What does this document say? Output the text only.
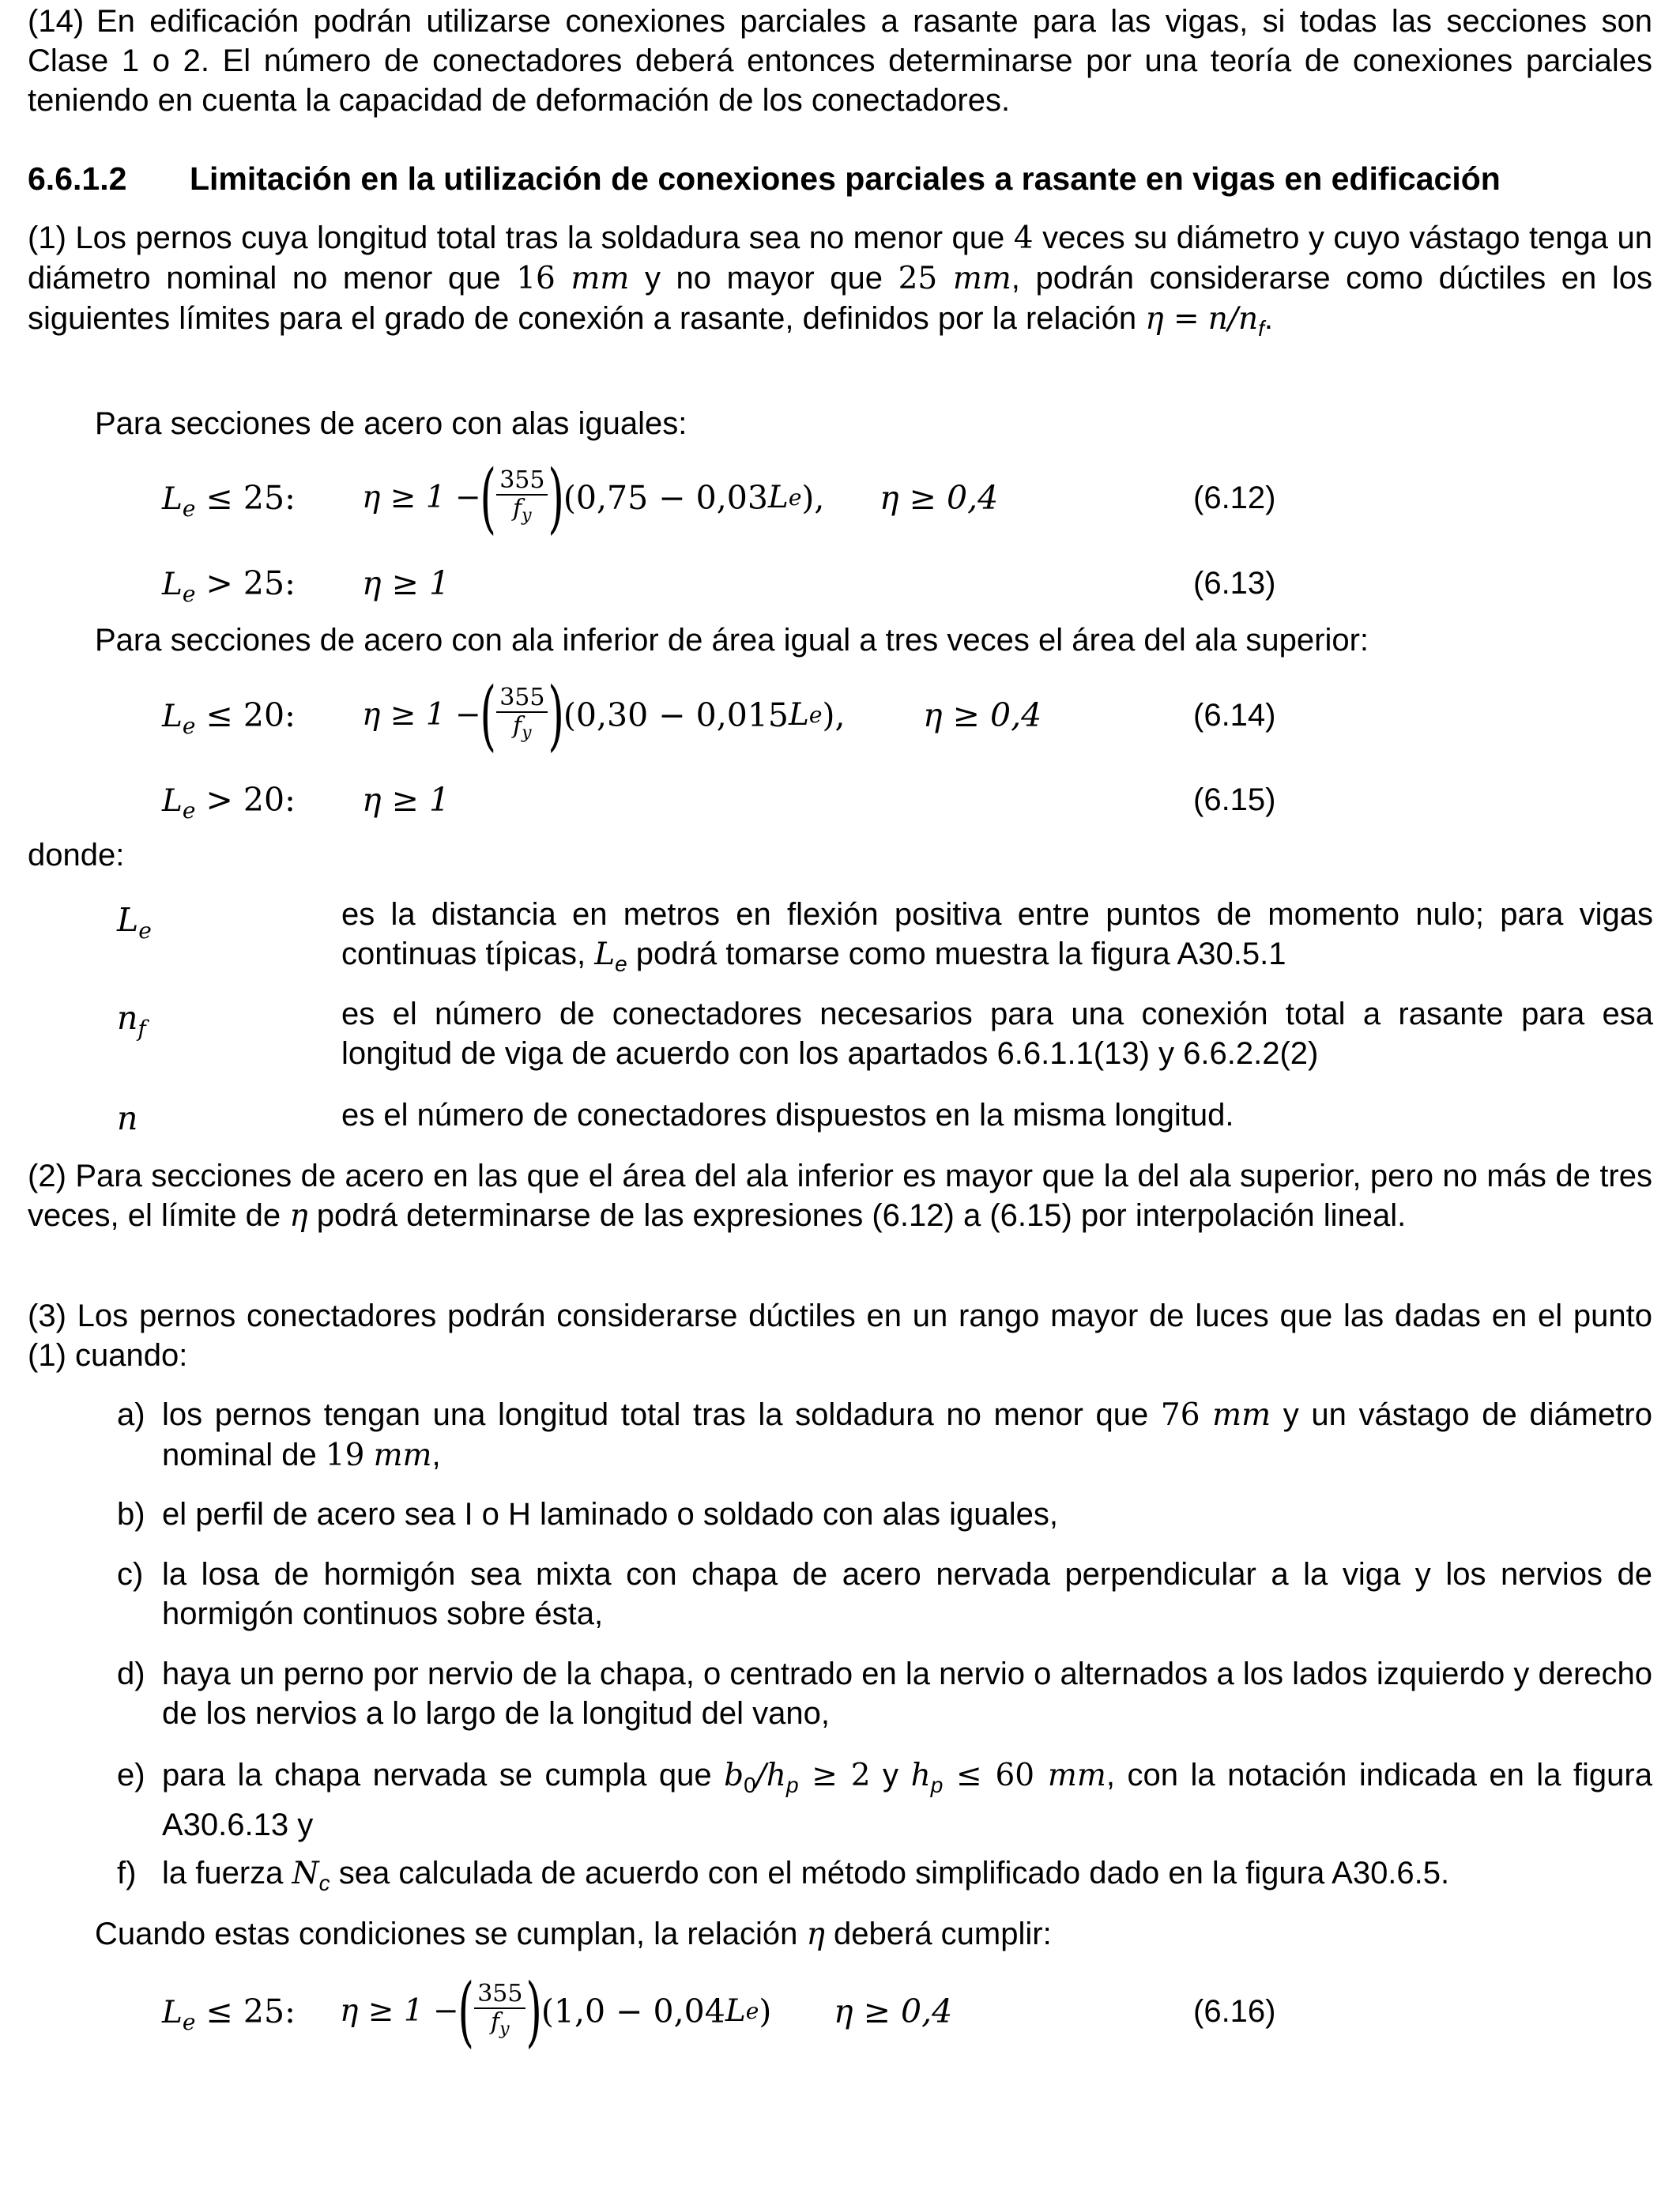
(14) En edificación podrán utilizarse conexiones parciales a rasante para las vigas, si todas las secciones son Clase 1 o 2. El número de conectadores deberá entonces determinarse por una teoría de conexiones parciales teniendo en cuenta la capacidad de deformación de los conectadores.

6.6.1.2 Limitación en la utilización de conexiones parciales a rasante en vigas en edificación

(1) Los pernos cuya longitud total tras la soldadura sea no menor que 4 veces su diámetro y cuyo vástago tenga un diámetro nominal no menor que 16 mm y no mayor que 25 mm, podrán considerarse como dúctiles en los siguientes límites para el grado de conexión a rasante, definidos por la relación $\eta = n/n_f$.

Para secciones de acero con alas iguales:

$L_e \le 25$: η ≥ 1 −
( $\frac{355}{f_y}$ )
(0,75 − 0,03 L e ), η ≥ 0,4	(6.12)
$L_e > 25$: η ≥ 1	(6.13)

Para secciones de acero con ala inferior de área igual a tres veces el área del ala superior:

$L_e \le 20$: η ≥ 1 −
( $\frac{355}{f_y}$ )
(0,30 − 0,015 L e ), η ≥ 0,4	(6.14)
$L_e > 20$: η ≥ 1	(6.15)

donde:

$L_e$	es la distancia en metros en flexión positiva entre puntos de momento nulo; para vigas continuas típicas, $L_e$ podrá tomarse como muestra la figura A30.5.1

$n_f$	es el número de conectadores necesarios para una conexión total a rasante para esa longitud de viga de acuerdo con los apartados 6.6.1.1(13) y 6.6.2.2(2)

n	es el número de conectadores dispuestos en la misma longitud.

(2) Para secciones de acero en las que el área del ala inferior es mayor que la del ala superior, pero no más de tres veces, el límite de η podrá determinarse de las expresiones (6.12) a (6.15) por interpolación lineal.

(3) Los pernos conectadores podrán considerarse dúctiles en un rango mayor de luces que las dadas en el punto (1) cuando:

a) los pernos tengan una longitud total tras la soldadura no menor que 76 mm y un vástago de diámetro nominal de 19 mm,

b) el perfil de acero sea I o H laminado o soldado con alas iguales,

c) la losa de hormigón sea mixta con chapa de acero nervada perpendicular a la viga y los nervios de hormigón continuos sobre ésta,

d) haya un perno por nervio de la chapa, o centrado en la nervio o alternados a los lados izquierdo y derecho de los nervios a lo largo de la longitud del vano,

e) para la chapa nervada se cumpla que $b_0/h_p \ge 2$ y $h_p \le 60$ mm, con la notación indicada en la figura A30.6.13 y

f) la fuerza $N_c$ sea calculada de acuerdo con el método simplificado dado en la figura A30.6.5.

Cuando estas condiciones se cumplan, la relación η deberá cumplir:

$L_e \le 25$: η ≥ 1 −
( $\frac{355}{f_y}$ )
(1,0 − 0,04 L e ) η ≥ 0,4	(6.16)
